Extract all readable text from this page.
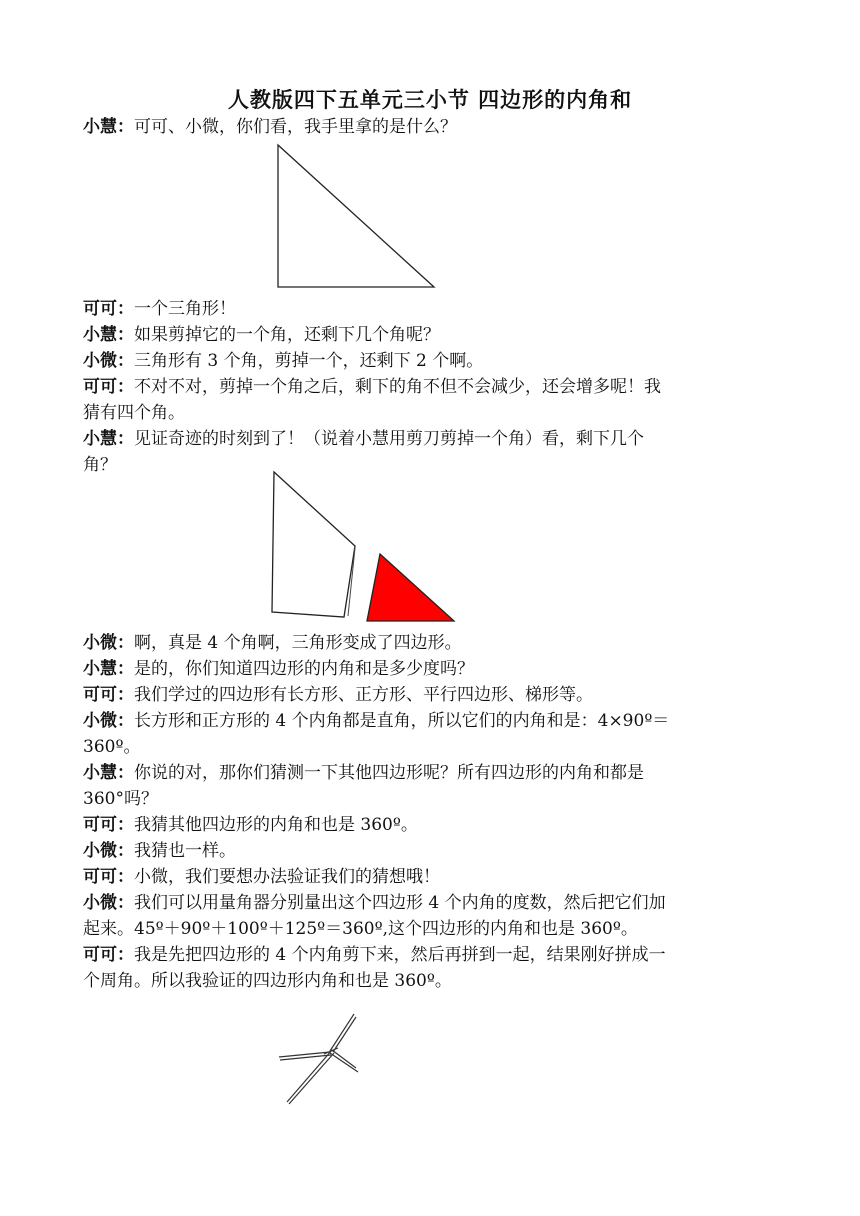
人教版四下五单元三小节 四边形的内角和
小慧：可可、小微，你们看，我手里拿的是什么？
可可：一个三角形！
小慧：如果剪掉它的一个角，还剩下几个角呢？
小微：三角形有 3 个角，剪掉一个，还剩下 2 个啊。
可可：不对不对，剪掉一个角之后，剩下的角不但不会减少，还会增多呢！我
猜有四个角。
小慧：见证奇迹的时刻到了！（说着小慧用剪刀剪掉一个角）看，剩下几个
角？
小微：啊，真是 4 个角啊，三角形变成了四边形。
小慧：是的，你们知道四边形的内角和是多少度吗？
可可：我们学过的四边形有长方形、正方形、平行四边形、梯形等。
小微：长方形和正方形的 4 个内角都是直角，所以它们的内角和是：4×90º＝
360º。
小慧：你说的对，那你们猜测一下其他四边形呢？所有四边形的内角和都是
360°吗？
可可：我猜其他四边形的内角和也是 360º。
小微：我猜也一样。
可可：小微，我们要想办法验证我们的猜想哦！
小微：我们可以用量角器分别量出这个四边形 4 个内角的度数，然后把它们加
起来。45º＋90º＋100º＋125º＝360º,这个四边形的内角和也是 360º。
可可：我是先把四边形的 4 个内角剪下来，然后再拼到一起，结果刚好拼成一
个周角。所以我验证的四边形内角和也是 360º。
